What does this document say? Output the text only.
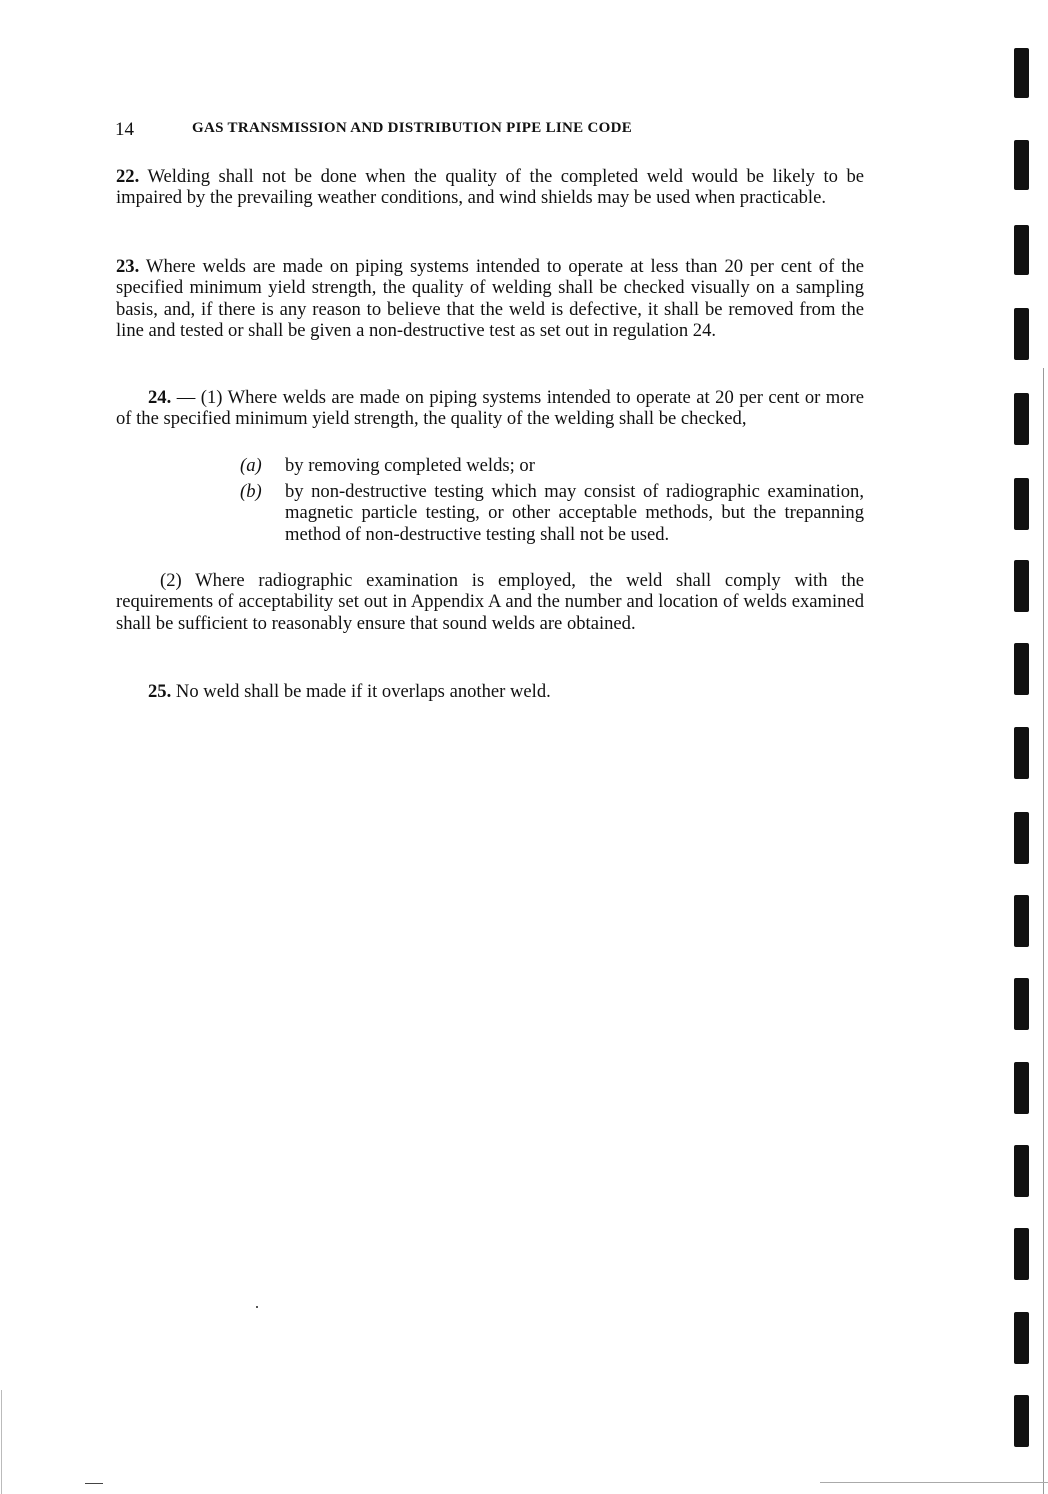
14	GAS TRANSMISSION AND DISTRIBUTION PIPE LINE CODE

22. Welding shall not be done when the quality of the completed weld would be likely to be impaired by the prevailing weather conditions, and wind shields may be used when practicable.

23. Where welds are made on piping systems intended to operate at less than 20 per cent of the specified minimum yield strength, the quality of welding shall be checked visually on a sampling basis, and, if there is any reason to believe that the weld is defective, it shall be removed from the line and tested or shall be given a non-destructive test as set out in regulation 24.

24. — (1) Where welds are made on piping systems intended to operate at 20 per cent or more of the specified minimum yield strength, the quality of the welding shall be checked,

(a) by removing completed welds; or
(b) by non-destructive testing which may consist of radiographic examination, magnetic particle testing, or other acceptable methods, but the trepanning method of non-destructive testing shall not be used.

(2) Where radiographic examination is employed, the weld shall comply with the requirements of acceptability set out in Appendix A and the number and location of welds examined shall be sufficient to reasonably ensure that sound welds are obtained.

25. No weld shall be made if it overlaps another weld.
